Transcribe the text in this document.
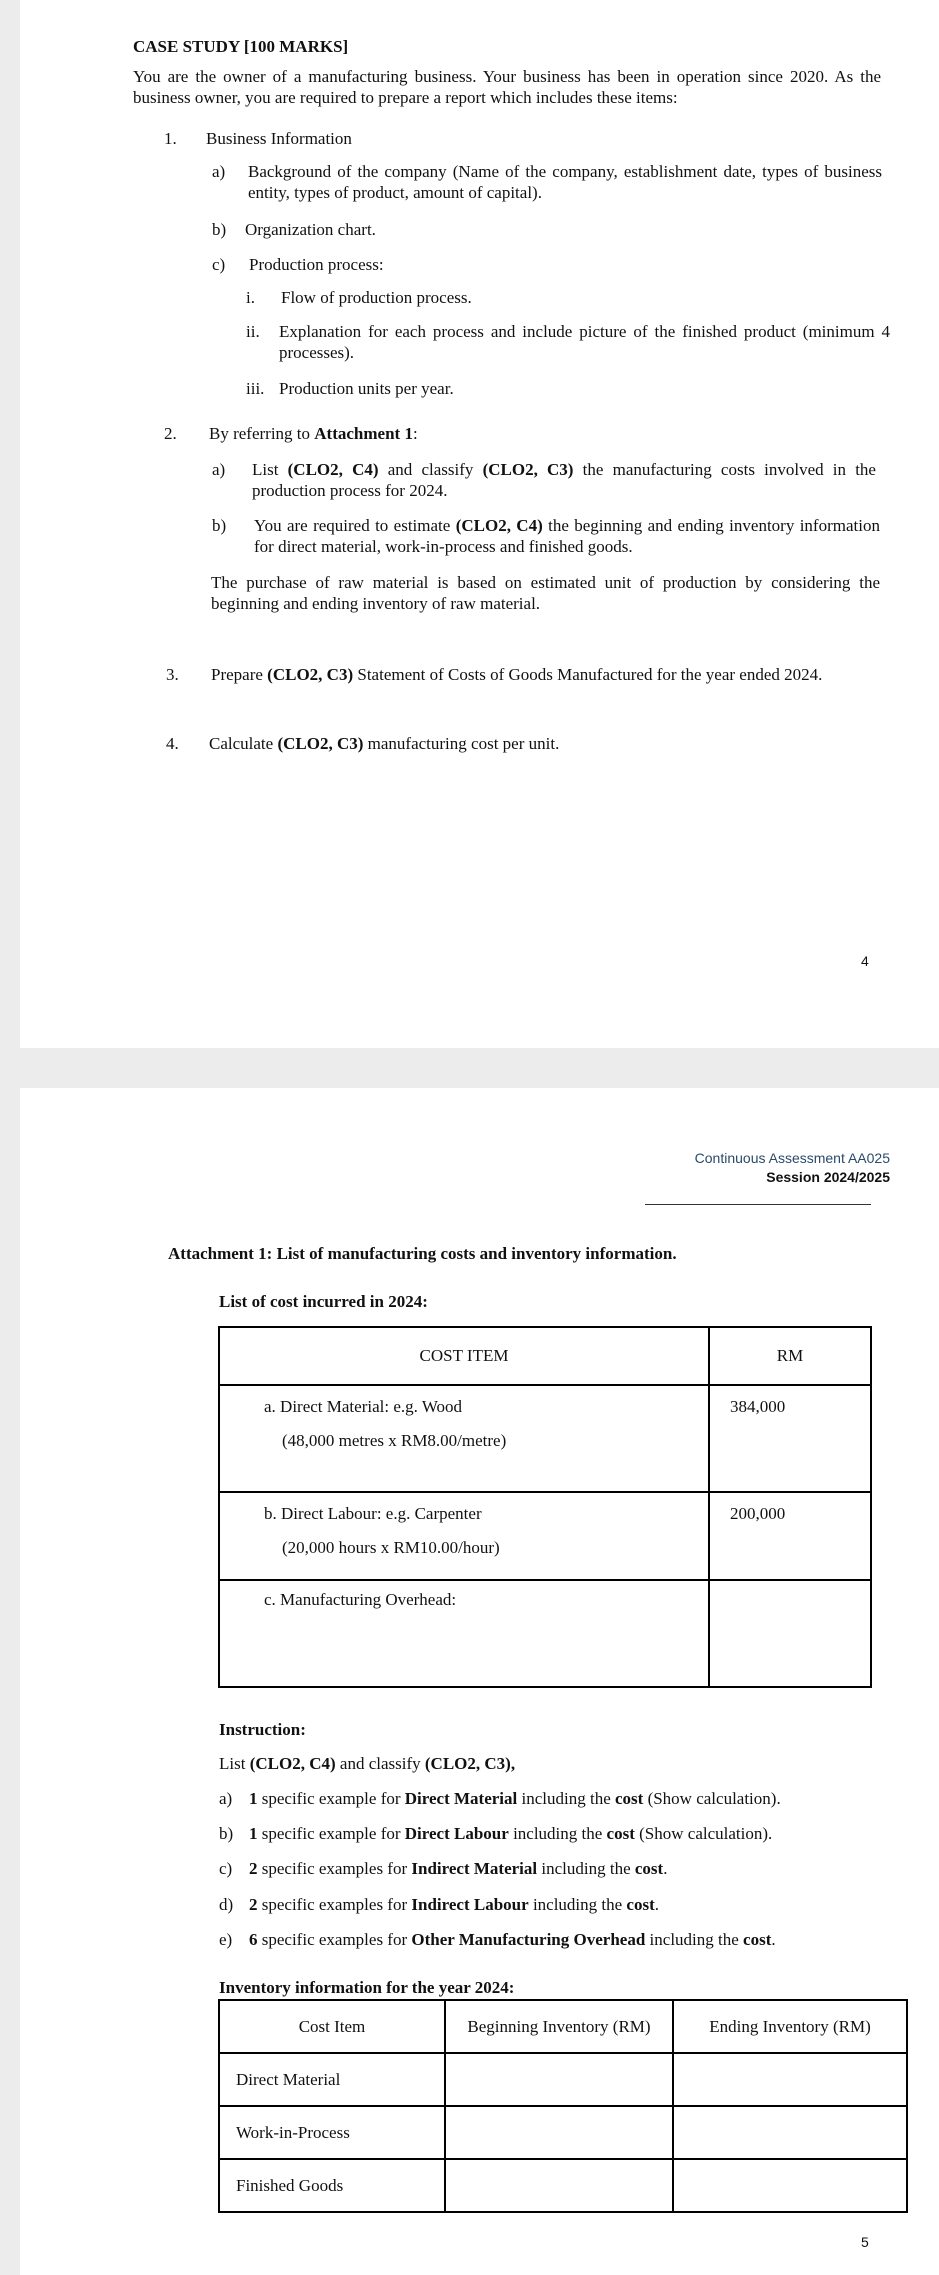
CASE STUDY [100 MARKS]
You are the owner of a manufacturing business. Your business has been in operation since 2020. As the business owner, you are required to prepare a report which includes these items:
1. Business Information
a) Background of the company (Name of the company, establishment date, types of business entity, types of product, amount of capital).
b) Organization chart.
c) Production process:
i. Flow of production process.
ii. Explanation for each process and include picture of the finished product (minimum 4 processes).
iii. Production units per year.
2. By referring to Attachment 1:
a) List (CLO2, C4) and classify (CLO2, C3) the manufacturing costs involved in the production process for 2024.
b) You are required to estimate (CLO2, C4) the beginning and ending inventory information for direct material, work-in-process and finished goods.
The purchase of raw material is based on estimated unit of production by considering the beginning and ending inventory of raw material.
3. Prepare (CLO2, C3) Statement of Costs of Goods Manufactured for the year ended 2024.
4. Calculate (CLO2, C3) manufacturing cost per unit.
4
Continuous Assessment AA025
Session 2024/2025
Attachment 1: List of manufacturing costs and inventory information.
List of cost incurred in 2024:
COST ITEM	RM

a. Direct Material: e.g. Wood
(48,000 metres x RM8.00/metre)	384,000

b. Direct Labour: e.g. Carpenter
(20,000 hours x RM10.00/hour)	200,000

c. Manufacturing Overhead:	

Instruction:
List (CLO2, C4) and classify (CLO2, C3),
a) 1 specific example for Direct Material including the cost (Show calculation).
b) 1 specific example for Direct Labour including the cost (Show calculation).
c) 2 specific examples for Indirect Material including the cost.
d) 2 specific examples for Indirect Labour including the cost.
e) 6 specific examples for Other Manufacturing Overhead including the cost.
Inventory information for the year 2024:
Cost Item	Beginning Inventory (RM)	Ending Inventory (RM)
Direct Material		
Work-in-Process		
Finished Goods		
5
